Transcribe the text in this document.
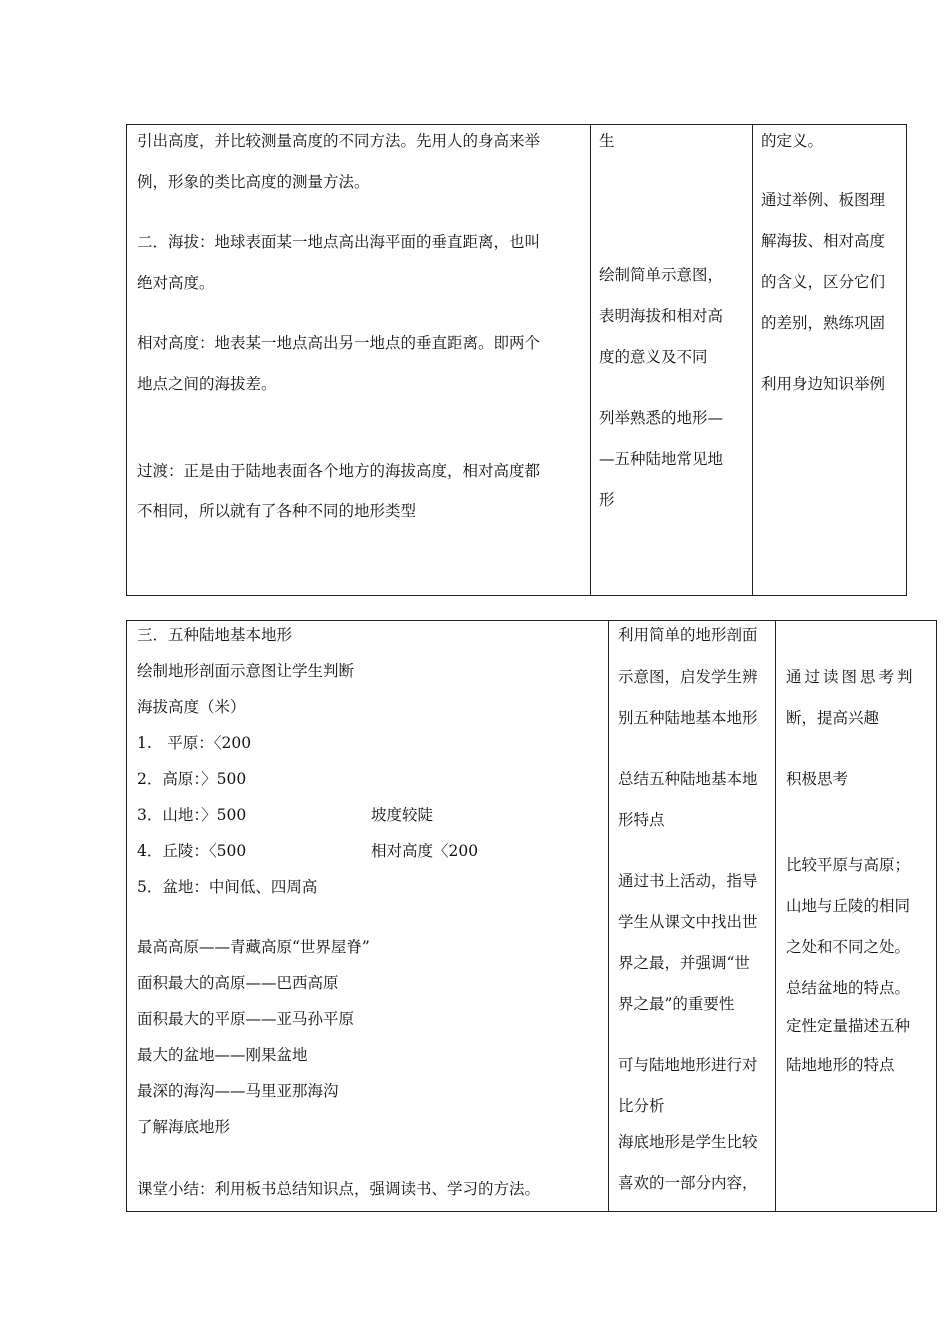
引出高度，并比较测量高度的不同方法。先用人的身高来举
例，形象的类比高度的测量方法。
二．海拔：地球表面某一地点高出海平面的垂直距离，也叫
绝对高度。
相对高度：地表某一地点高出另一地点的垂直距离。即两个
地点之间的海拔差。
过渡：正是由于陆地表面各个地方的海拔高度，相对高度都
不相同，所以就有了各种不同的地形类型
生
绘制简单示意图，
表明海拔和相对高
度的意义及不同
列举熟悉的地形—
—五种陆地常见地
形
的定义。
通过举例、板图理
解海拔、相对高度
的含义，区分它们
的差别，熟练巩固
利用身边知识举例
三．五种陆地基本地形
绘制地形剖面示意图让学生判断
海拔高度（米）
1.　平原：〈200
2．高原：〉500
3．山地：〉500	坡度较陡
4．丘陵：〈500	相对高度〈200
5．盆地：中间低、四周高
最高高原——青藏高原“世界屋脊”
面积最大的高原——巴西高原
面积最大的平原——亚马孙平原
最大的盆地——刚果盆地
最深的海沟——马里亚那海沟
了解海底地形
课堂小结：利用板书总结知识点，强调读书、学习的方法。
利用简单的地形剖面
示意图，启发学生辨
别五种陆地基本地形
总结五种陆地基本地
形特点
通过书上活动，指导
学生从课文中找出世
界之最，并强调“世
界之最”的重要性
可与陆地地形进行对
比分析
海底地形是学生比较
喜欢的一部分内容，
通过读图思考判
断，提高兴趣
积极思考
比较平原与高原；
山地与丘陵的相同
之处和不同之处。
总结盆地的特点。
定性定量描述五种
陆地地形的特点
